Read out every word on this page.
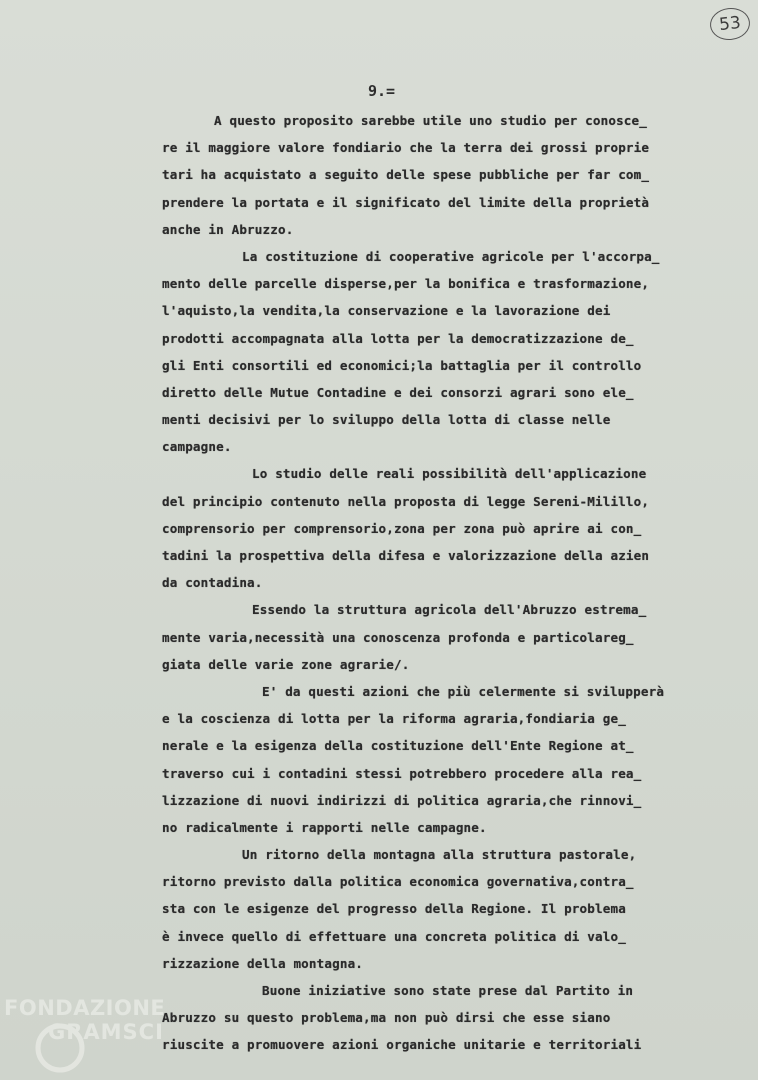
53
9.=
A questo proposito sarebbe utile uno studio per conosce_
re il maggiore valore fondiario che la terra dei grossi proprie
tari ha acquistato a seguito delle spese pubbliche per far com_
prendere la portata e il significato del limite della proprietà
anche in Abruzzo.
La costituzione di cooperative agricole per l'accorpa_
mento delle parcelle disperse,per la bonifica e trasformazione,
l'aquisto,la vendita,la conservazione e la lavorazione dei
prodotti accompagnata alla lotta per la democratizzazione de_
gli Enti consortili ed economici;la battaglia per il controllo
diretto delle Mutue Contadine e dei consorzi agrari sono ele_
menti decisivi per lo sviluppo della lotta di classe nelle
campagne.
Lo studio delle reali possibilità dell'applicazione
del principio contenuto nella proposta di legge Sereni-Milillo,
comprensorio per comprensorio,zona per zona può aprire ai con_
tadini la prospettiva della difesa e valorizzazione della azien
da contadina.
Essendo la struttura agricola dell'Abruzzo estrema_
mente varia,necessità una conoscenza profonda e particolareg_
giata delle varie zone agrarie/.
E' da questi azioni che più celermente si svilupperà
e la coscienza di lotta per la riforma agraria,fondiaria ge_
nerale e la esigenza della costituzione dell'Ente Regione at_
traverso cui i contadini stessi potrebbero procedere alla rea_
lizzazione di nuovi indirizzi di politica agraria,che rinnovi_
no radicalmente i rapporti nelle campagne.
Un ritorno della montagna alla struttura pastorale,
ritorno previsto dalla politica economica governativa,contra_
sta con le esigenze del progresso della Regione. Il problema
è invece quello di effettuare una concreta politica di valo_
rizzazione della montagna.
Buone iniziative sono state prese dal Partito in
Abruzzo su questo problema,ma non può dirsi che esse siano
riuscite a promuovere azioni organiche unitarie e territoriali
FONDAZIONE
GRAMSCI
